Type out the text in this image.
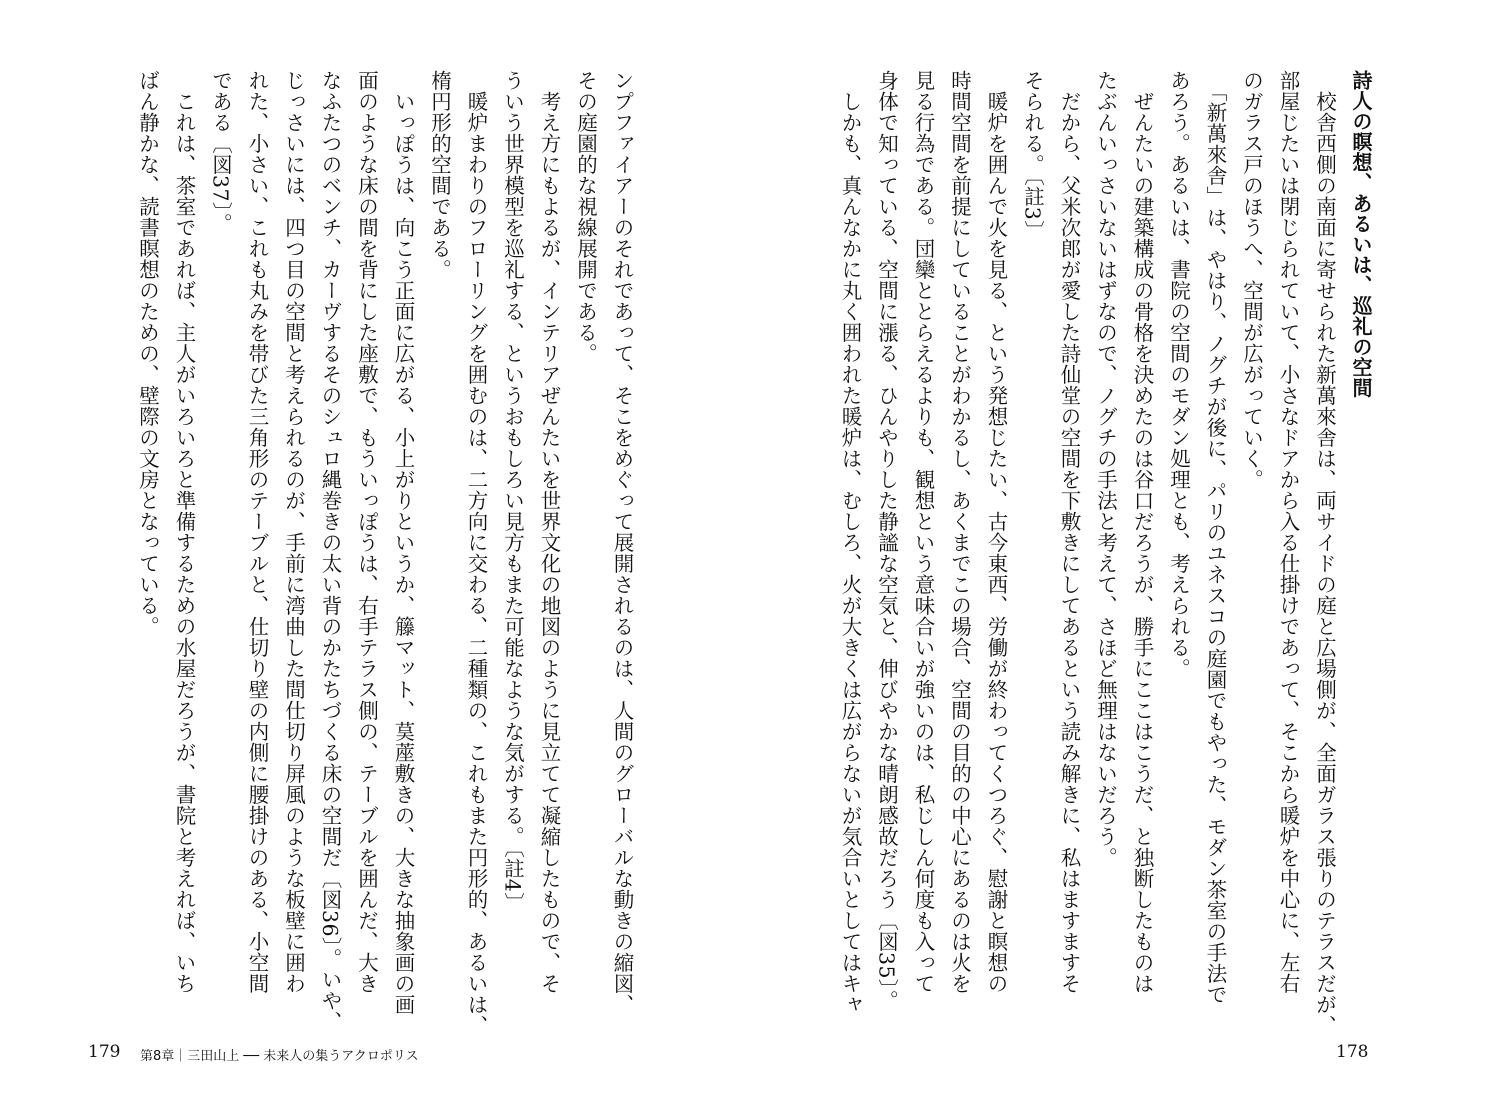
詩人の瞑想、あるいは、巡礼の空間

　校舎西側の南面に寄せられた新萬來舎は、両サイドの庭と広場側が、全面ガラス張りのテラスだが、

部屋じたいは閉じられていて、小さなドアから入る仕掛けであって、そこから暖炉を中心に、左右

のガラス戸のほうへ、空間が広がっていく。

　「新萬來舎」は、やはり、ノグチが後に、パリのユネスコの庭園でもやった、モダン茶室の手法で

あろう。あるいは、書院の空間のモダン処理とも、考えられる。

　ぜんたいの建築構成の骨格を決めたのは谷口だろうが、勝手にここはこうだ、と独断したものは

たぶんいっさいないはずなので、ノグチの手法と考えて、さほど無理はないだろう。

　だから、父米次郎が愛した詩仙堂の空間を下敷きにしてあるという読み解きに、私はますますそ

そられる。〔註3〕

　暖炉を囲んで火を見る、という発想じたい、古今東西、労働が終わってくつろぐ、慰謝と瞑想の

時間空間を前提にしていることがわかるし、あくまでこの場合、空間の目的の中心にあるのは火を

見る行為である。団欒ととらえるよりも、観想という意味合いが強いのは、私じしん何度も入って

身体で知っている、空間に漲る、ひんやりした静謐な空気と、伸びやかな晴朗感故だろう〔図35〕。

　しかも、真んなかに丸く囲われた暖炉は、むしろ、火が大きくは広がらないが気合いとしてはキャ

178

ンプファイアーのそれであって、そこをめぐって展開されるのは、人間のグローバルな動きの縮図、

その庭園的な視線展開である。

　考え方にもよるが、インテリアぜんたいを世界文化の地図のように見立てて凝縮したもので、そ

ういう世界模型を巡礼する、というおもしろい見方もまた可能なような気がする。〔註4〕

　暖炉まわりのフローリングを囲むのは、二方向に交わる、二種類の、これもまた円形的、あるいは、

楕円形的空間である。

　いっぽうは、向こう正面に広がる、小上がりというか、籐マット、茣蓙敷きの、大きな抽象画の画

面のような床の間を背にした座敷で、もういっぽうは、右手テラス側の、テーブルを囲んだ、大き

なふたつのベンチ、カーヴするそのシュロ縄巻きの太い背のかたちづくる床の空間だ〔図36〕。いや、

じっさいには、四つ目の空間と考えられるのが、手前に湾曲した間仕切り屏風のような板壁に囲わ

れた、小さい、これも丸みを帯びた三角形のテーブルと、仕切り壁の内側に腰掛けのある、小空間

である〔図37〕。

　これは、茶室であれば、主人がいろいろと準備するための水屋だろうが、書院と考えれば、いち

ばん静かな、読書瞑想のための、壁際の文房となっている。

179 第8章｜三田山上 ── 未来人の集うアクロポリス
